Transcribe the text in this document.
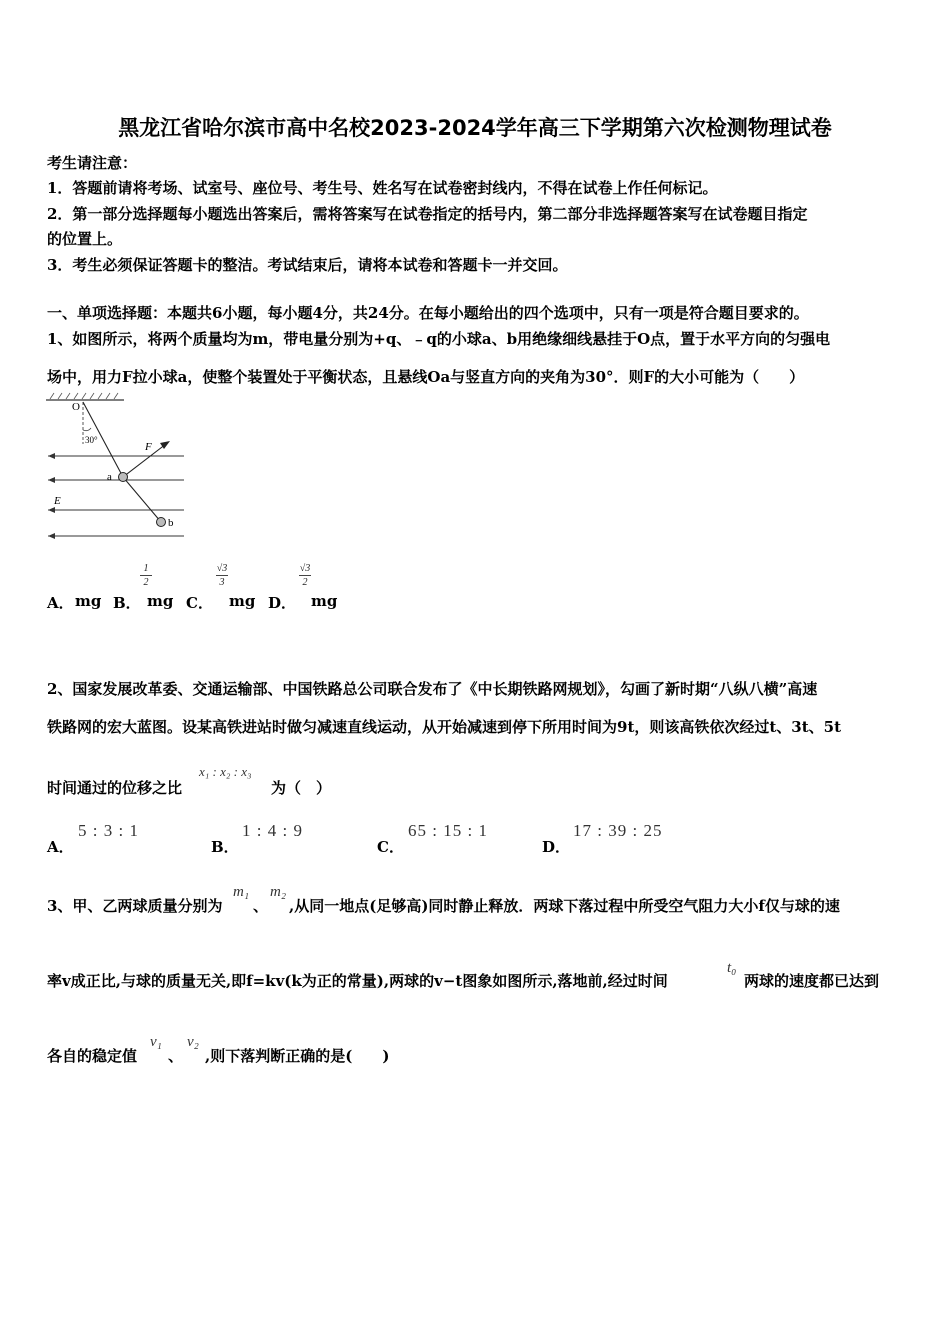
黑龙江省哈尔滨市高中名校2023-2024学年高三下学期第六次检测物理试卷
考生请注意：
1．答题前请将考场、试室号、座位号、考生号、姓名写在试卷密封线内，不得在试卷上作任何标记。
2．第一部分选择题每小题选出答案后，需将答案写在试卷指定的括号内，第二部分非选择题答案写在试卷题目指定
的位置上。
3．考生必须保证答题卡的整洁。考试结束后，请将本试卷和答题卡一并交回。
一、单项选择题：本题共6小题，每小题4分，共24分。在每小题给出的四个选项中，只有一项是符合题目要求的。
1、如图所示，将两个质量均为m，带电量分别为+q、﹣q的小球a、b用绝缘细线悬挂于O点，置于水平方向的匀强电
场中，用力F拉小球a，使整个装置处于平衡状态，且悬线Oa与竖直方向的夹角为30°．则F的大小可能为（　　）
O
30°
F
a
E
b
A． mg B．
1
2
mg C．
√3
3
mg D．
√3
2
mg
2、国家发展改革委、交通运输部、中国铁路总公司联合发布了《中长期铁路网规划》，勾画了新时期“八纵八横”高速
铁路网的宏大蓝图。设某高铁进站时做匀减速直线运动，从开始减速到停下所用时间为9t，则该高铁依次经过t、3t、5t
时间通过的位移之比
x₁ : x₂ : x₃
为（　）
A．
5 : 3 : 1
B．
1 : 4 : 9
C．
65 : 15 : 1
D．
17 : 39 : 25
3、甲、乙两球质量分别为
m₁
、
m₂
,从同一地点(足够高)同时静止释放．两球下落过程中所受空气阻力大小f仅与球的速
率v成正比,与球的质量无关,即f=kv(k为正的常量),两球的v−t图象如图所示,落地前,经过时间
t₀
两球的速度都已达到
各自的稳定值
v₁
、
v₂
,则下落判断正确的是(　　)
